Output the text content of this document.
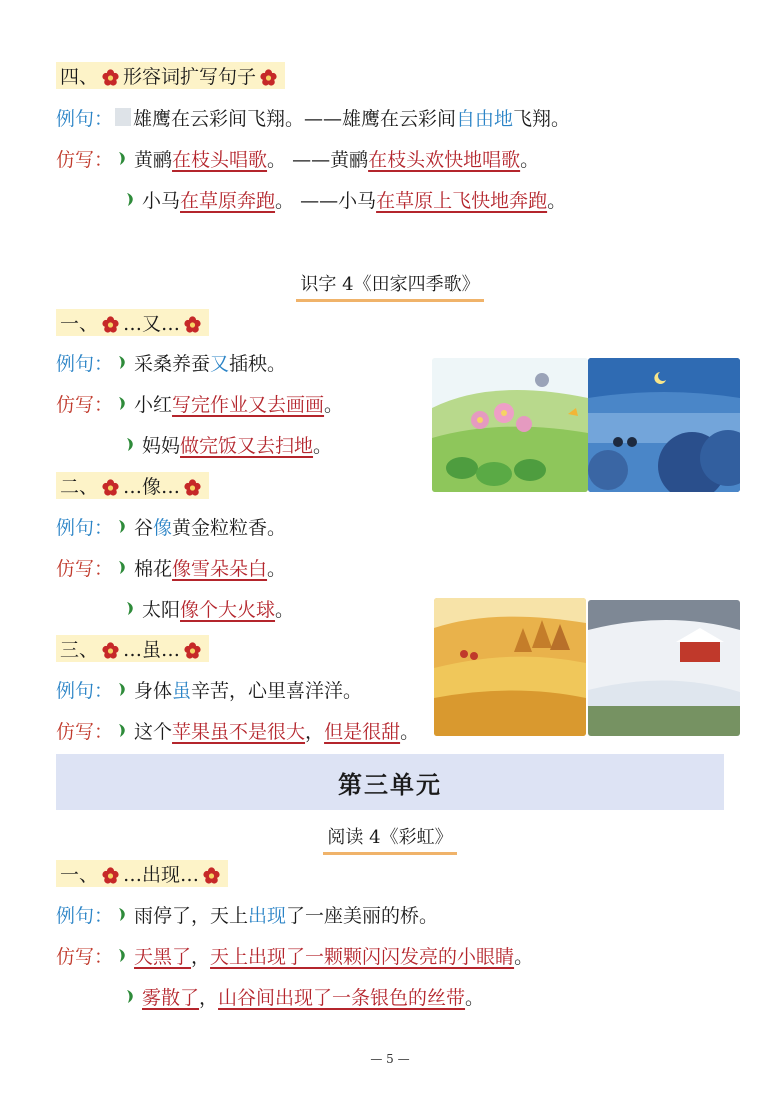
四、 形容词扩写句子
例句： 雄鹰在云彩间飞翔。——雄鹰在云彩间 自由地 飞翔。
仿写： 黄鹂 在枝头唱歌 。 ——黄鹂 在枝头欢快地唱歌 。
小马 在草原奔跑 。 ——小马 在草原上飞快地奔跑 。
识字 4《田家四季歌》
一、 …又…
例句： 采桑养蚕 又 插秧。
仿写： 小红 写完作业又去画画 。
妈妈 做完饭又去扫地 。
二、 …像…
例句： 谷 像 黄金粒粒香。
仿写： 棉花 像雪朵朵白 。
太阳 像个大火球 。
三、 …虽…
例句： 身体 虽 辛苦，心里喜洋洋。
仿写： 这个 苹果虽不是很大 ， 但是很甜 。
第三单元
阅读 4《彩虹》
一、 …出现…
例句： 雨停了，天上 出现 了一座美丽的桥。
仿写： 天黑了 ， 天上出现了一颗颗闪闪发亮的小眼睛 。
雾散了 ， 山谷间出现了一条银色的丝带 。
— 5 —
